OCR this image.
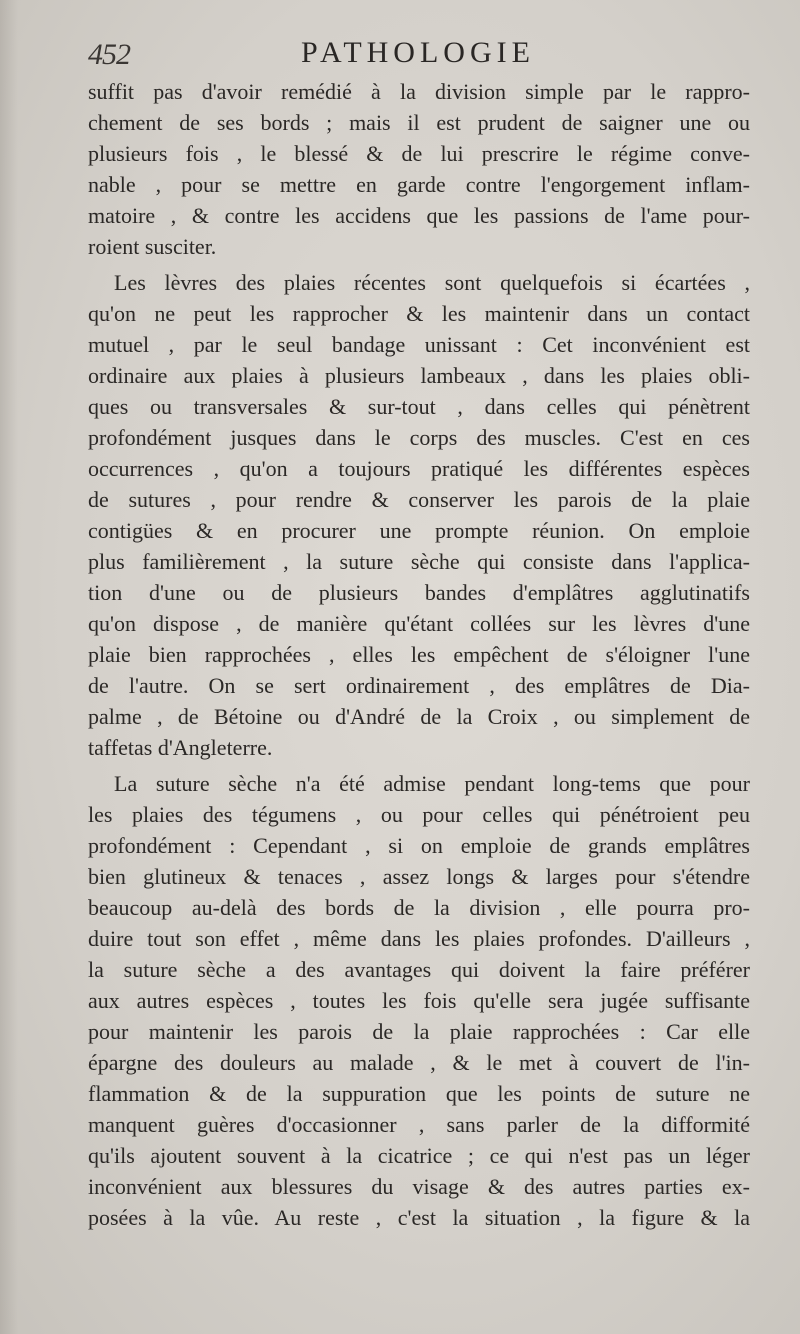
452	PATHOLOGIE
suffit pas d'avoir remédié à la division simple par le rappro-
chement de ses bords ; mais il est prudent de saigner une ou
plusieurs fois , le blessé & de lui prescrire le régime conve-
nable , pour se mettre en garde contre l'engorgement inflam-
matoire , & contre les accidens que les passions de l'ame pour-
roient susciter.
Les lèvres des plaies récentes sont quelquefois si écartées ,
qu'on ne peut les rapprocher & les maintenir dans un contact
mutuel , par le seul bandage unissant : Cet inconvénient est
ordinaire aux plaies à plusieurs lambeaux , dans les plaies obli-
ques ou transversales & sur-tout , dans celles qui pénètrent
profondément jusques dans le corps des muscles. C'est en ces
occurrences , qu'on a toujours pratiqué les différentes espèces
de sutures , pour rendre & conserver les parois de la plaie
contigües & en procurer une prompte réunion. On emploie
plus familièrement , la suture sèche qui consiste dans l'applica-
tion d'une ou de plusieurs bandes d'emplâtres agglutinatifs
qu'on dispose , de manière qu'étant collées sur les lèvres d'une
plaie bien rapprochées , elles les empêchent de s'éloigner l'une
de l'autre. On se sert ordinairement , des emplâtres de Dia-
palme , de Bétoine ou d'André de la Croix , ou simplement de
taffetas d'Angleterre.
La suture sèche n'a été admise pendant long-tems que pour
les plaies des tégumens , ou pour celles qui pénétroient peu
profondément : Cependant , si on emploie de grands emplâtres
bien glutineux & tenaces , assez longs & larges pour s'étendre
beaucoup au-delà des bords de la division , elle pourra pro-
duire tout son effet , même dans les plaies profondes. D'ailleurs ,
la suture sèche a des avantages qui doivent la faire préférer
aux autres espèces , toutes les fois qu'elle sera jugée suffisante
pour maintenir les parois de la plaie rapprochées : Car elle
épargne des douleurs au malade , & le met à couvert de l'in-
flammation & de la suppuration que les points de suture ne
manquent guères d'occasionner , sans parler de la difformité
qu'ils ajoutent souvent à la cicatrice ; ce qui n'est pas un léger
inconvénient aux blessures du visage & des autres parties ex-
posées à la vûe. Au reste , c'est la situation , la figure & la
